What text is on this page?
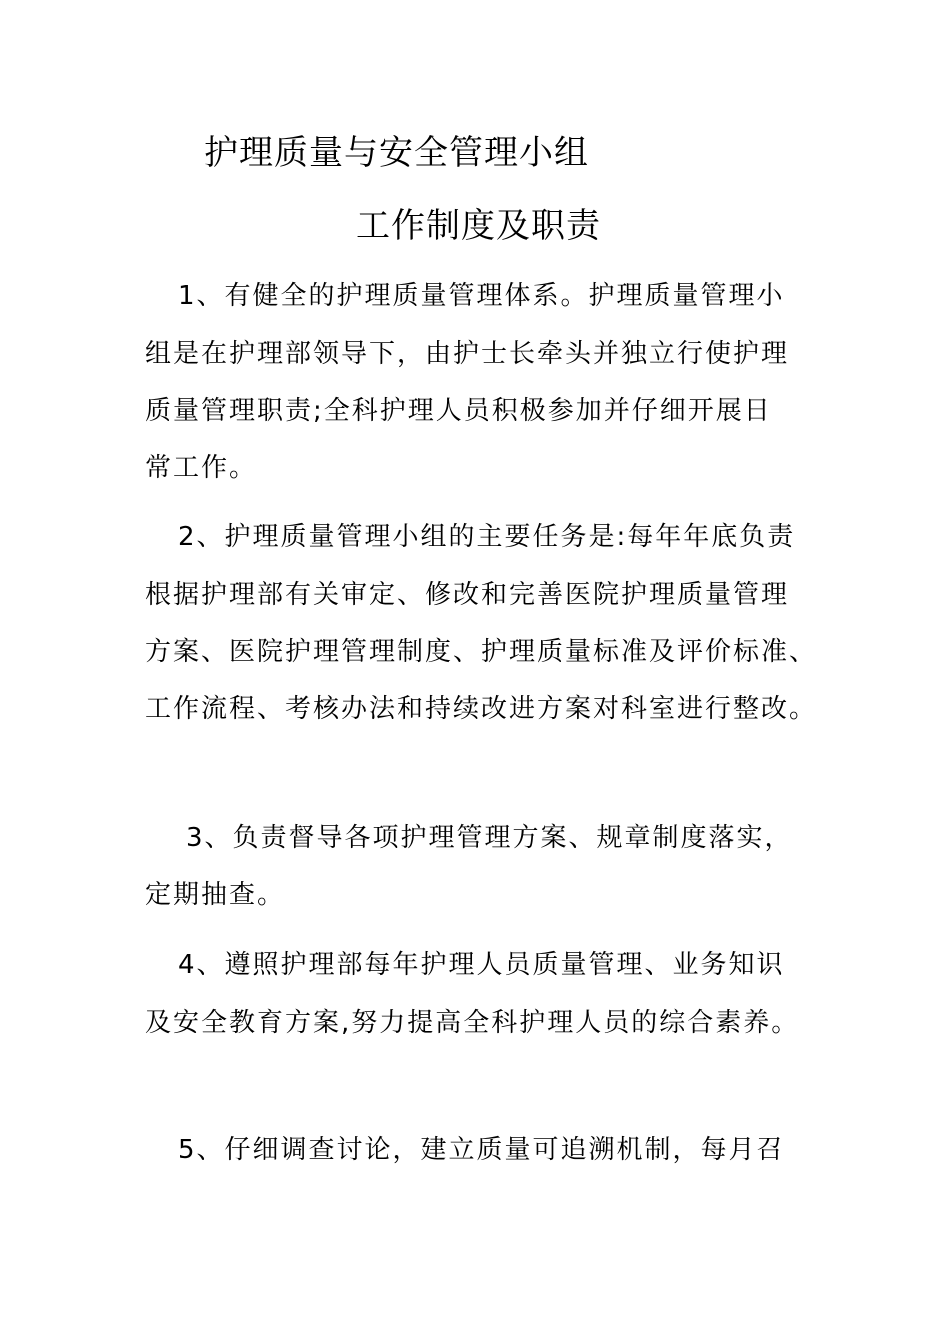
护理质量与安全管理小组
工作制度及职责
1、有健全的护理质量管理体系。护理质量管理小
组是在护理部领导下，由护士长牵头并独立行使护理
质量管理职责;全科护理人员积极参加并仔细开展日
常工作。
2、护理质量管理小组的主要任务是:每年年底负责
根据护理部有关审定、修改和完善医院护理质量管理
方案、医院护理管理制度、护理质量标准及评价标准、
工作流程、考核办法和持续改进方案对科室进行整改。
3、负责督导各项护理管理方案、规章制度落实，
定期抽查。
4、遵照护理部每年护理人员质量管理、业务知识
及安全教育方案,努力提高全科护理人员的综合素养。
5、仔细调查讨论，建立质量可追溯机制，每月召
